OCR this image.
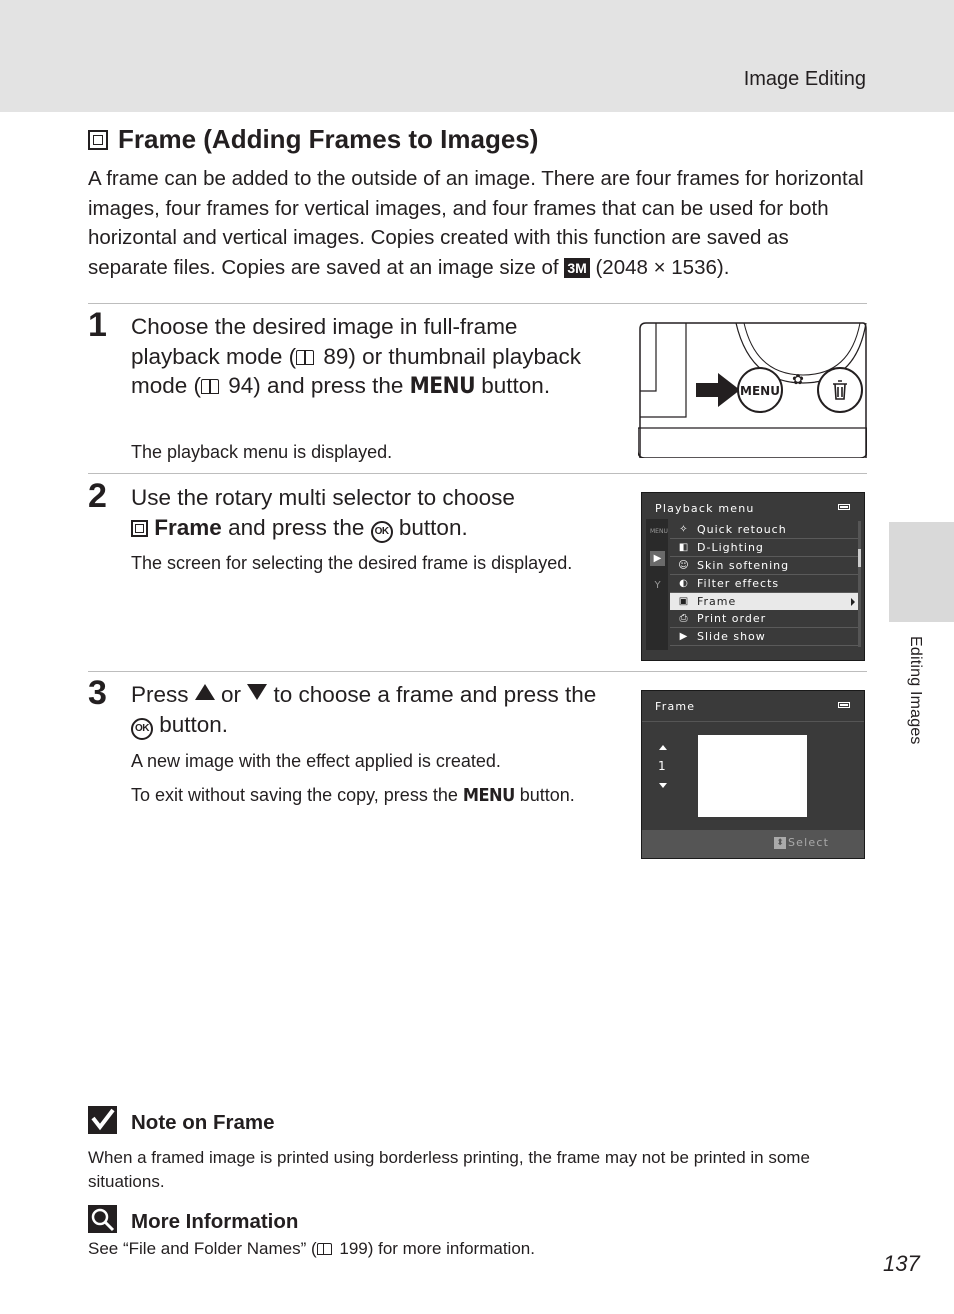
Image Editing
Editing Images
Frame (Adding Frames to Images)

A frame can be added to the outside of an image. There are four frames for horizontal images, four frames for vertical images, and four frames that can be used for both horizontal and vertical images. Copies created with this function are saved as separate files. Copies are saved at an image size of 3M (2048 × 1536).

1 Choose the desired image in full-frame playback mode ( 89) or thumbnail playback mode ( 94) and press the MENU button.

The playback menu is displayed.

MENU
✿
2 Use the rotary multi selector to choose
Frame and press the OK button.

The screen for selecting the desired frame is displayed.

Playback menu
MENU
▶
Y
✧ Quick retouch
◧ D-Lighting
☺ Skin softening
◐ Filter effects
▣ Frame
⎙ Print order
▶ Slide show
3 Press  or  to choose a frame and press the
OK button.

A new image with the effect applied is created.

To exit without saving the copy, press the MENU button.

Frame
1
⬍ Select
Note on Frame

When a framed image is printed using borderless printing, the frame may not be printed in some situations.

More Information

See “File and Folder Names” ( 199) for more information.

137
